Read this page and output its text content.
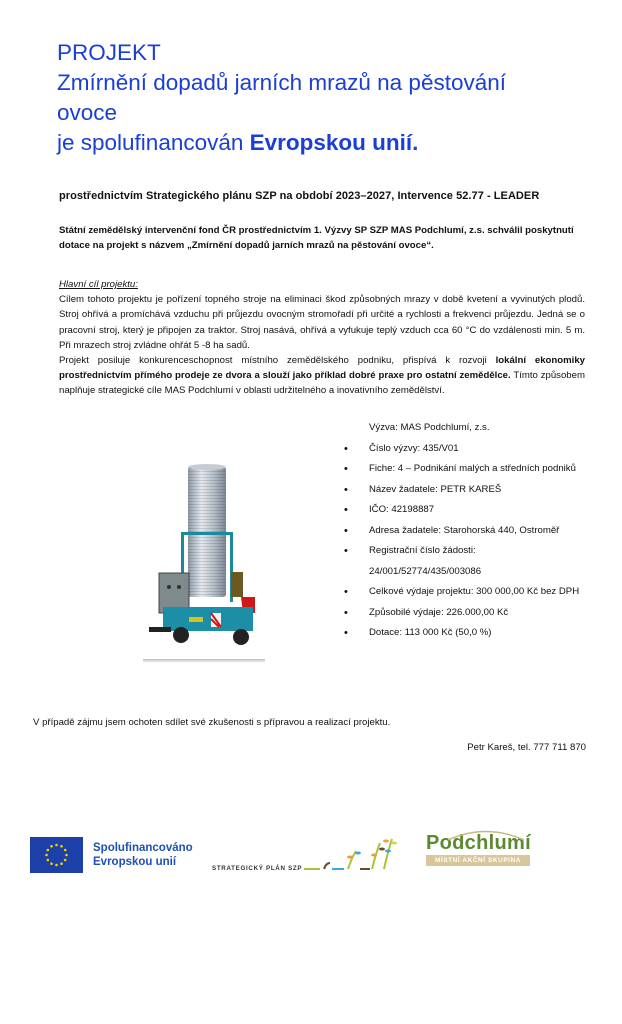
PROJEKT
Zmírnění dopadů jarních mrazů na pěstování
ovoce
je spolufinancován Evropskou unií.
prostřednictvím Strategického plánu SZP na období 2023–2027, Intervence 52.77 - LEADER
Státní zemědělský intervenční fond ČR prostřednictvím 1. Výzvy SP SZP MAS Podchlumí, z.s. schválil poskytnutí dotace na projekt s názvem „Zmírnění dopadů jarních mrazů na pěstování ovoce“.
Hlavní cíl projektu:

Cílem tohoto projektu je pořízení topného stroje na eliminaci škod způsobných mrazy v době kvetení a vyvinutých plodů. Stroj ohřívá a promíchává vzduchu při průjezdu ovocným stromořadí při určité a rychlosti a frekvenci průjezdu. Jedná se o pracovní stroj, který je připojen za traktor. Stroj nasává, ohřívá a vyfukuje teplý vzduch cca 60 °C do vzdálenosti min. 5 m. Při mrazech stroj zvládne ohřát 5 -8 ha sadů.

Projekt posiluje konkurenceschopnost místního zemědělského podniku, přispívá k rozvoji lokální ekonomiky prostřednictvím přímého prodeje ze dvora a slouží jako příklad dobré praxe pro ostatní zemědělce. Tímto způsobem naplňuje strategické cíle MAS Podchlumí v oblasti udržitelného a inovativního zemědělství.

Výzva: MAS Podchlumí, z.s.
• Číslo výzvy: 435/V01
• Fiche: 4 – Podnikání malých a středních podniků
• Název žadatele: PETR KAREŠ
• IČO: 42198887
• Adresa žadatele: Starohorská 440, Ostroměř
• Registrační číslo žádosti: 24/001/52774/435/003086
• Celkové výdaje projektu: 300 000,00 Kč bez DPH
• Způsobilé výdaje: 226.000,00 Kč
• Dotace: 113 000 Kč (50,0 %)
V případě zájmu jsem ochoten sdílet své zkušenosti s přípravou a realizací projektu.
Petr Kareš, tel. 777 711 870
Spolufinancováno
Evropskou unií
STRATEGICKÝ PLÁN SZP
Podchlumí
MÍSTNÍ AKČNÍ SKUPINA
